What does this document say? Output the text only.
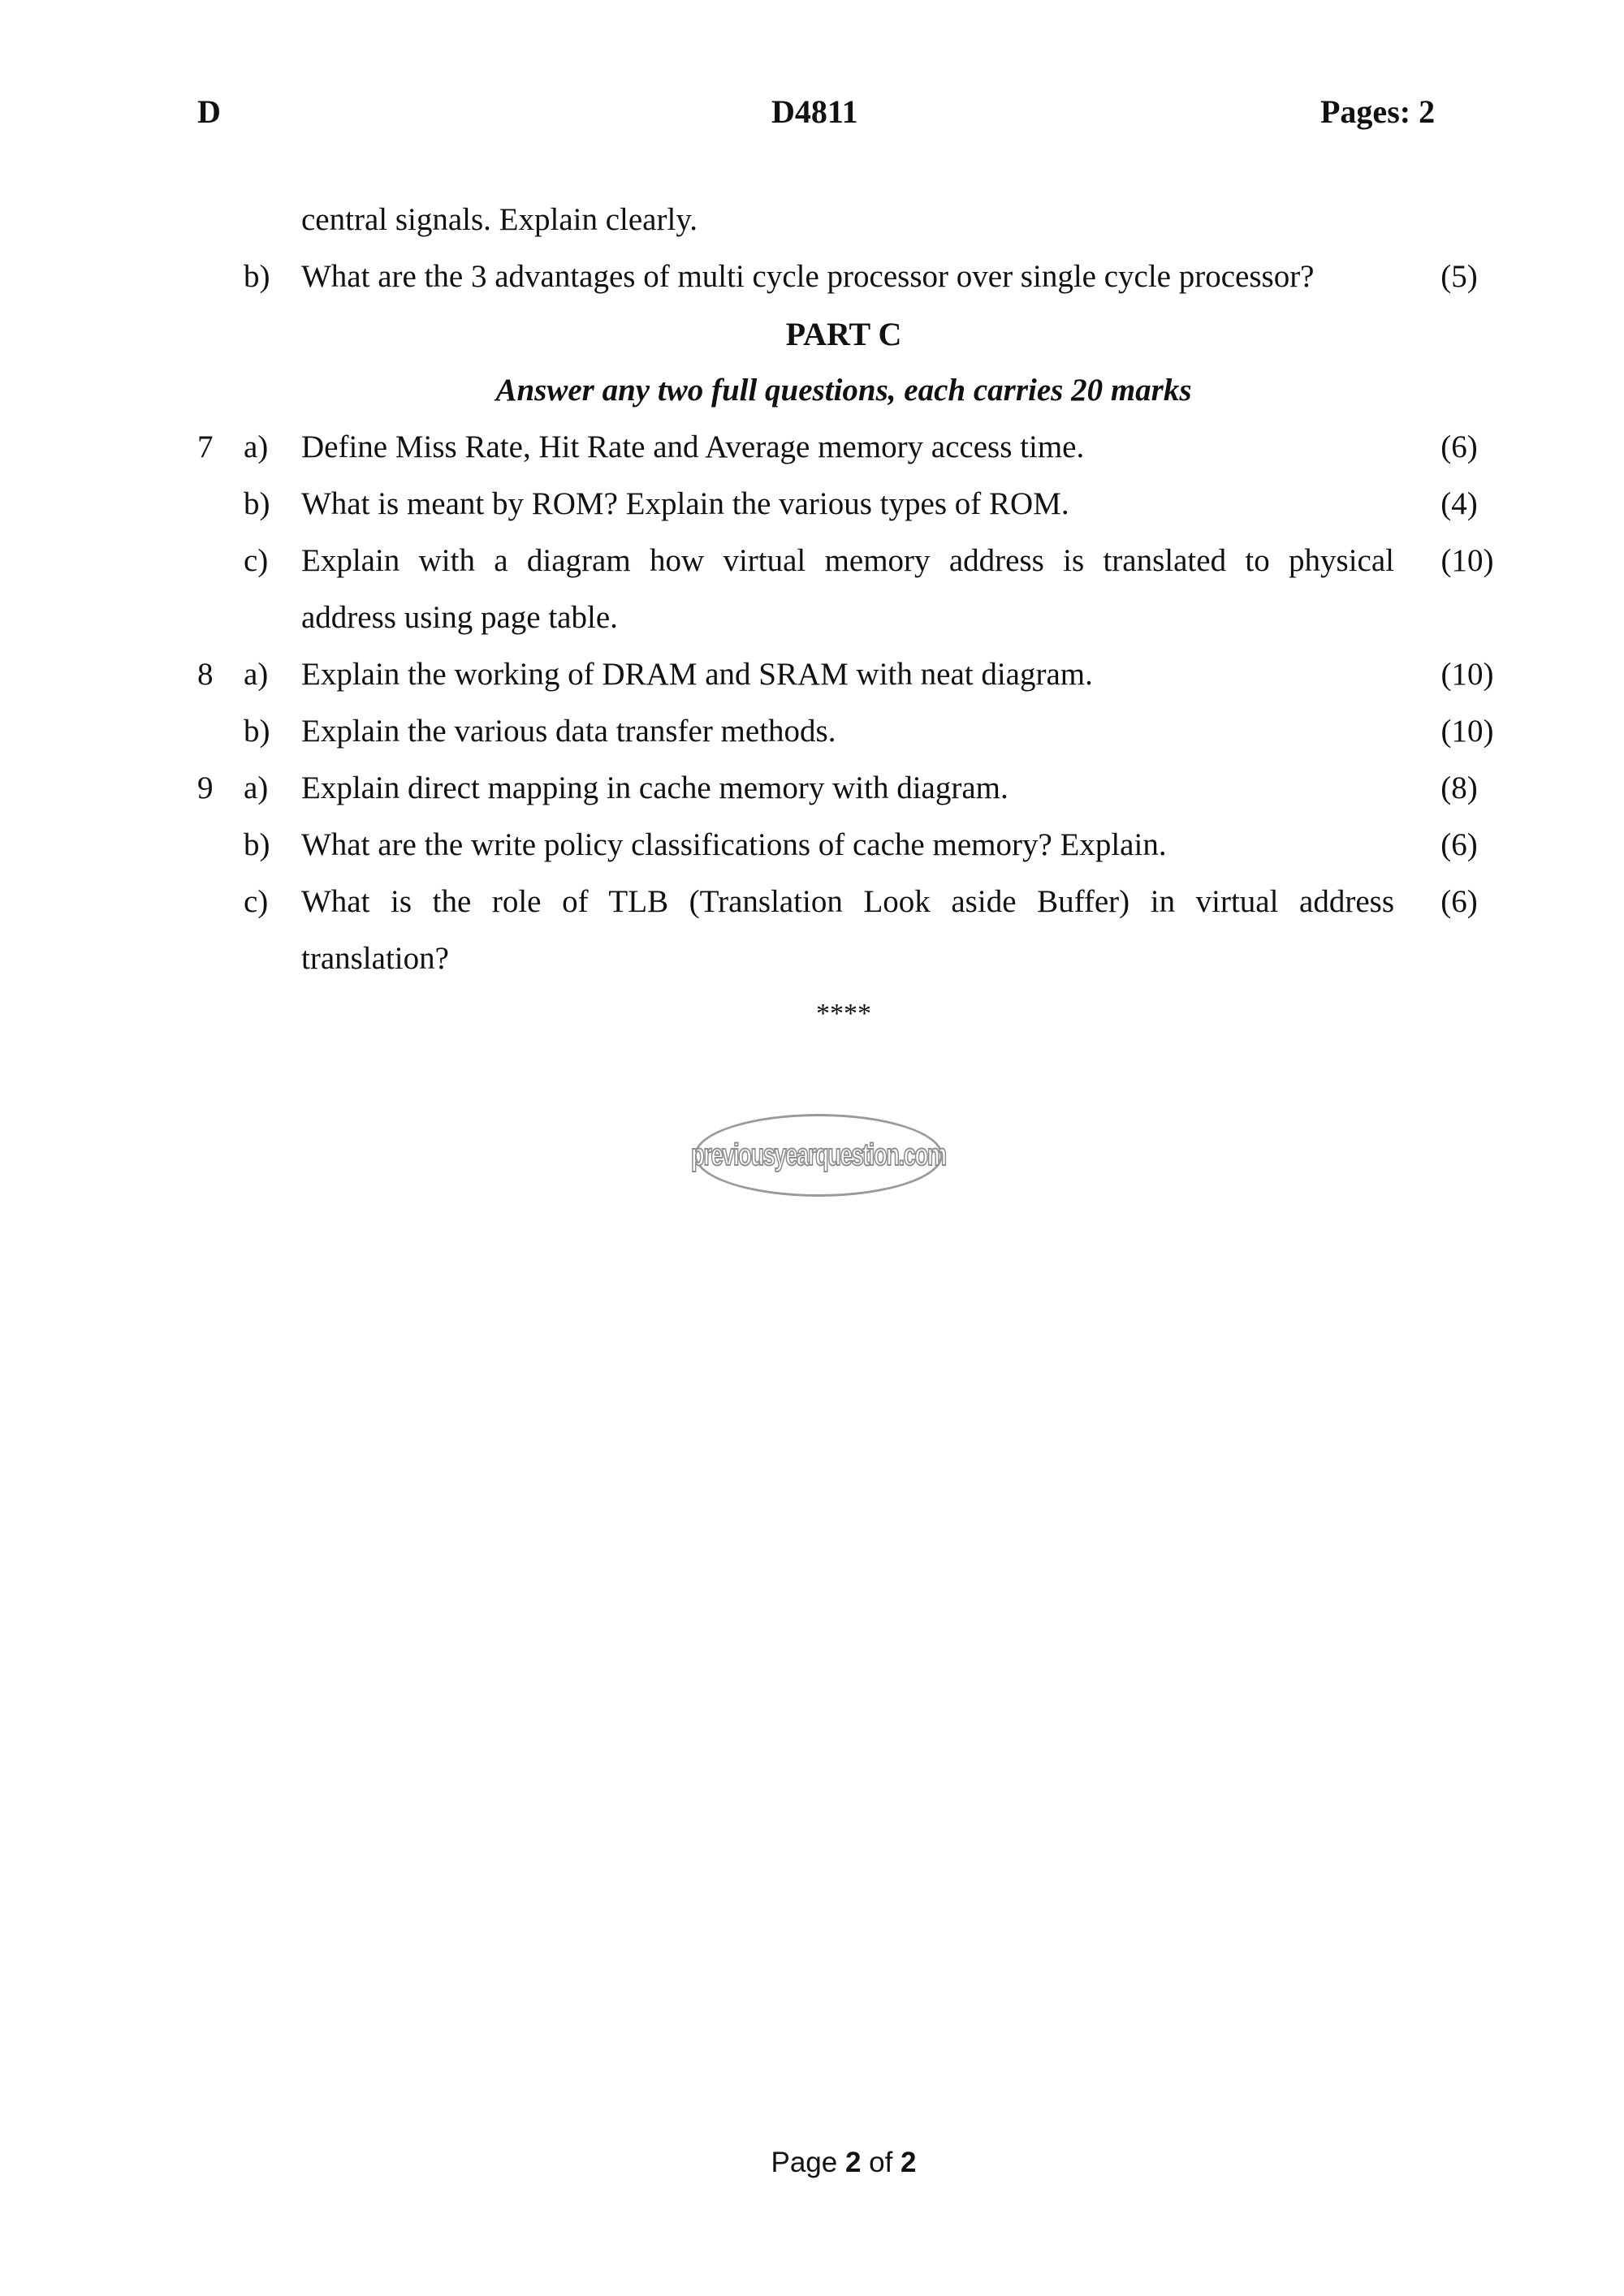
D	D4811	Pages: 2
central signals. Explain clearly.
b) What are the 3 advantages of multi cycle processor over single cycle processor?	(5)
PART C
Answer any two full questions, each carries 20 marks
7 a) Define Miss Rate, Hit Rate and Average memory access time.	(6)
b) What is meant by ROM? Explain the various types of ROM.	(4)
c) Explain with a diagram how virtual memory address is translated to physical	(10)
address using page table.
8 a) Explain the working of DRAM and SRAM with neat diagram.	(10)
b) Explain the various data transfer methods.	(10)
9 a) Explain direct mapping in cache memory with diagram.	(8)
b) What are the write policy classifications of cache memory? Explain.	(6)
c) What is the role of TLB (Translation Look aside Buffer) in virtual address	(6)
translation?
****
previousyearquestion.com
Page 2 of 2
